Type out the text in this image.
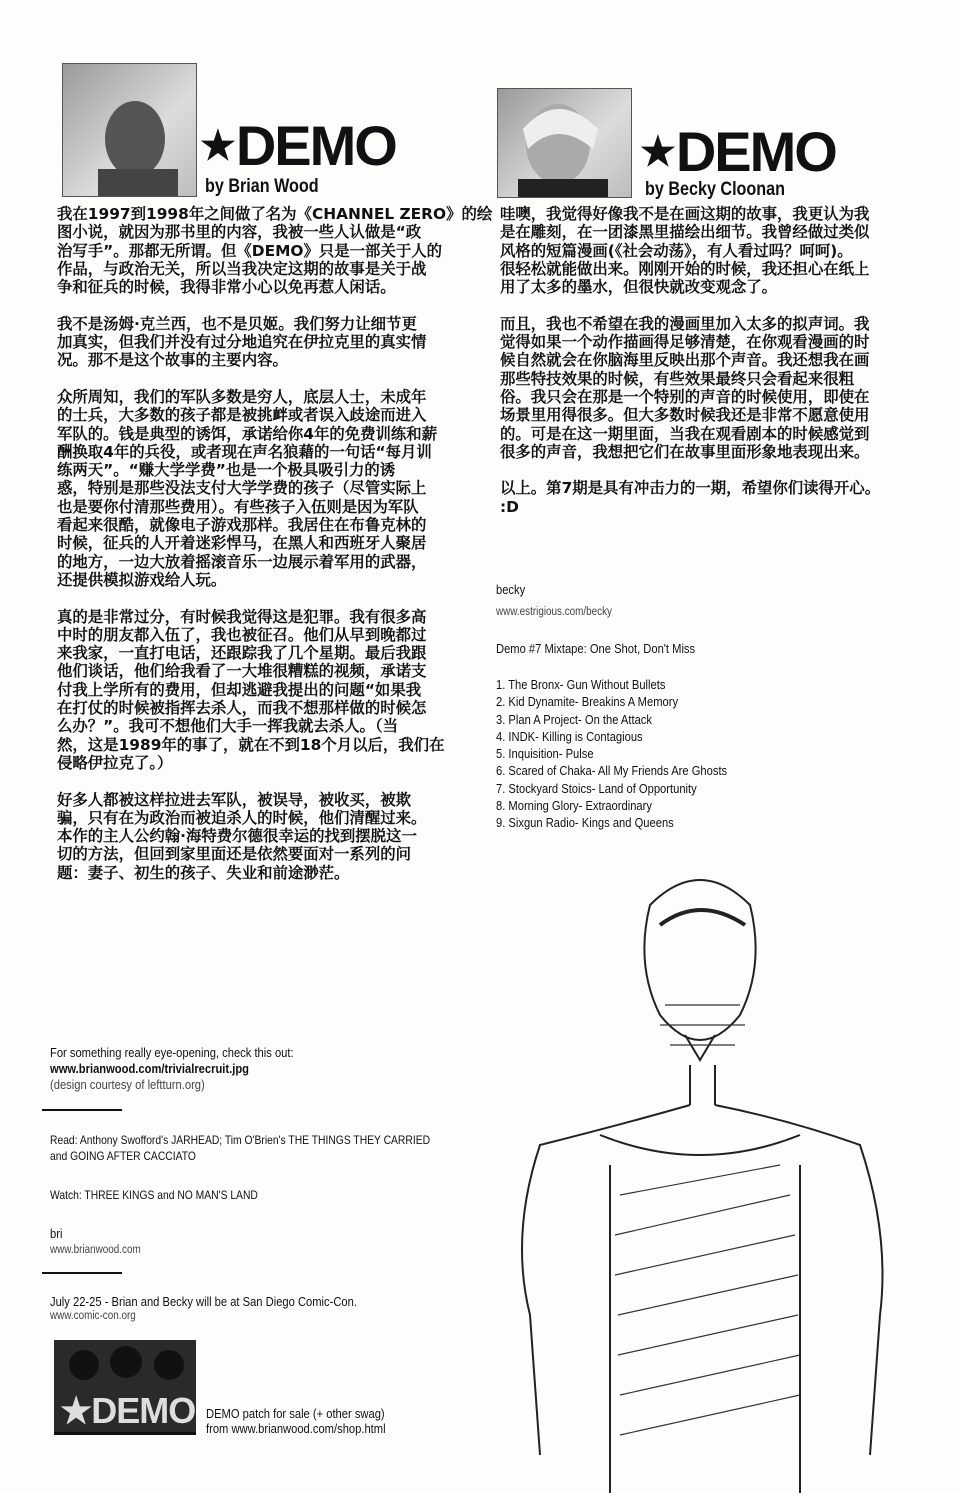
★ DEMO
by Brian Wood
★ DEMO
by Becky Cloonan
我在1997到1998年之间做了名为《CHANNEL ZERO》的绘
图小说，就因为那书里的内容，我被一些人认做是“政
治写手”。那都无所谓。但《DEMO》只是一部关于人的
作品，与政治无关，所以当我决定这期的故事是关于战
争和征兵的时候，我得非常小心以免再惹人闲话。
我不是汤姆·克兰西，也不是贝姬。我们努力让细节更
加真实，但我们并没有过分地追究在伊拉克里的真实情
况。那不是这个故事的主要内容。
众所周知，我们的军队多数是穷人，底层人士，未成年
的士兵，大多数的孩子都是被挑衅或者误入歧途而进入
军队的。钱是典型的诱饵，承诺给你4年的免费训练和薪
酬换取4年的兵役，或者现在声名狼藉的一句话“每月训
练两天”。“赚大学学费”也是一个极具吸引力的诱
惑，特别是那些没法支付大学学费的孩子（尽管实际上
也是要你付清那些费用）。有些孩子入伍则是因为军队
看起来很酷，就像电子游戏那样。我居住在布鲁克林的
时候，征兵的人开着迷彩悍马，在黑人和西班牙人聚居
的地方，一边大放着摇滚音乐一边展示着军用的武器，
还提供模拟游戏给人玩。
真的是非常过分，有时候我觉得这是犯罪。我有很多高
中时的朋友都入伍了，我也被征召。他们从早到晚都过
来我家，一直打电话，还跟踪我了几个星期。最后我跟
他们谈话，他们给我看了一大堆很糟糕的视频，承诺支
付我上学所有的费用，但却逃避我提出的问题“如果我
在打仗的时候被指挥去杀人，而我不想那样做的时候怎
么办？”。我可不想他们大手一挥我就去杀人。（当
然，这是1989年的事了，就在不到18个月以后，我们在
侵略伊拉克了。）
好多人都被这样拉进去军队，被误导，被收买，被欺
骗，只有在为政治而被迫杀人的时候，他们清醒过来。
本作的主人公约翰·海特费尔德很幸运的找到摆脱这一
切的方法，但回到家里面还是依然要面对一系列的问
题：妻子、初生的孩子、失业和前途渺茫。
哇噢，我觉得好像我不是在画这期的故事，我更认为我
是在雕刻，在一团漆黑里描绘出细节。我曾经做过类似
风格的短篇漫画(《社会动荡》，有人看过吗？呵呵)。
很轻松就能做出来。刚刚开始的时候，我还担心在纸上
用了太多的墨水，但很快就改变观念了。
而且，我也不希望在我的漫画里加入太多的拟声词。我
觉得如果一个动作描画得足够清楚，在你观看漫画的时
候自然就会在你脑海里反映出那个声音。我还想我在画
那些特技效果的时候，有些效果最终只会看起来很粗
俗。我只会在那是一个特别的声音的时候使用，即使在
场景里用得很多。但大多数时候我还是非常不愿意使用
的。可是在这一期里面，当我在观看剧本的时候感觉到
很多的声音，我想把它们在故事里面形象地表现出来。
以上。第7期是具有冲击力的一期，希望你们读得开心。
:D
becky
www.estrigious.com/becky
Demo #7 Mixtape: One Shot, Don't Miss
1. The Bronx- Gun Without Bullets
2. Kid Dynamite- Breakins A Memory
3. Plan A Project- On the Attack
4. INDK- Killing is Contagious
5. Inquisition- Pulse
6. Scared of Chaka- All My Friends Are Ghosts
7. Stockyard Stoics- Land of Opportunity
8. Morning Glory- Extraordinary
9. Sixgun Radio- Kings and Queens
For something really eye-opening, check this out:
www.brianwood.com/trivialrecruit.jpg
(design courtesy of leftturn.org)
Read: Anthony Swofford's JARHEAD; Tim O'Brien's THE THINGS THEY CARRIED
and GOING AFTER CACCIATO
Watch: THREE KINGS and NO MAN'S LAND
bri
www.brianwood.com
July 22-25 - Brian and Becky will be at San Diego Comic-Con.
www.comic-con.org
★DEMO DEMO patch for sale (+ other swag)
from www.brianwood.com/shop.html
